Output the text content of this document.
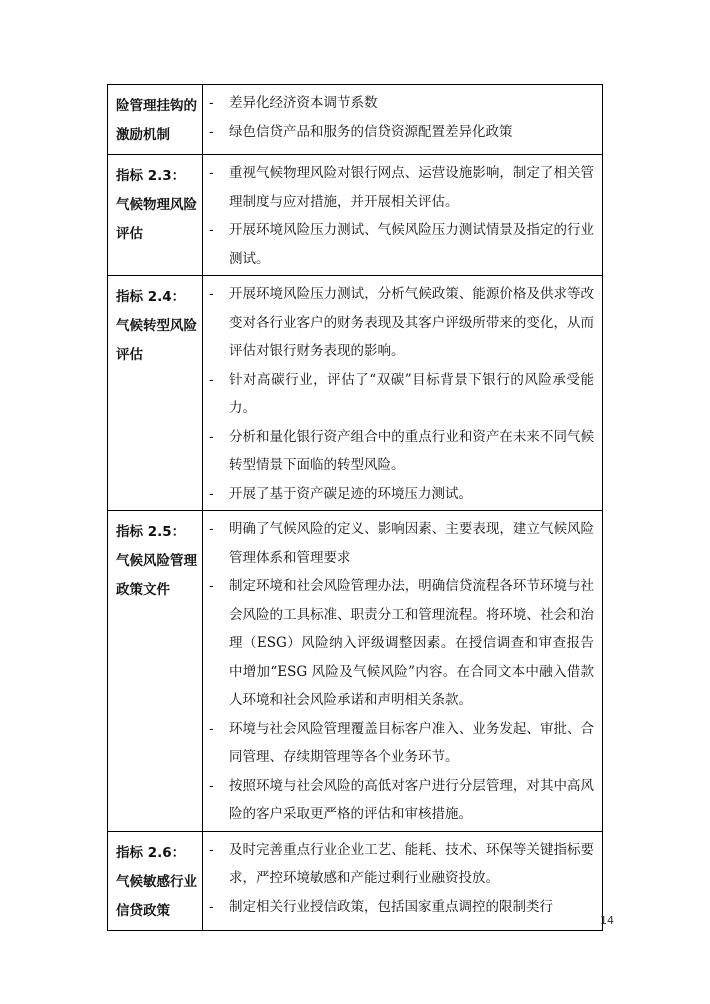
险管理挂钩的激励机制
-	差异化经济资本调节系数
-	绿色信贷产品和服务的信贷资源配置差异化政策
指标 2.3：气候物理风险评估
-	重视气候物理风险对银行网点、运营设施影响，制定了相关管理制度与应对措施，并开展相关评估。
-	开展环境风险压力测试、气候风险压力测试情景及指定的行业测试。
指标 2.4：气候转型风险评估
-	开展环境风险压力测试，分析气候政策、能源价格及供求等改变对各行业客户的财务表现及其客户评级所带来的变化，从而评估对银行财务表现的影响。
-	针对高碳行业，评估了“双碳”目标背景下银行的风险承受能力。
-	分析和量化银行资产组合中的重点行业和资产在未来不同气候转型情景下面临的转型风险。
-	开展了基于资产碳足迹的环境压力测试。
指标 2.5：气候风险管理政策文件
-	明确了气候风险的定义、影响因素、主要表现，建立气候风险管理体系和管理要求
-	制定环境和社会风险管理办法，明确信贷流程各环节环境与社会风险的工具标准、职责分工和管理流程。将环境、社会和治理（ESG）风险纳入评级调整因素。在授信调查和审查报告中增加“ESG 风险及气候风险”内容。在合同文本中融入借款人环境和社会风险承诺和声明相关条款。
-	环境与社会风险管理覆盖目标客户准入、业务发起、审批、合同管理、存续期管理等各个业务环节。
-	按照环境与社会风险的高低对客户进行分层管理，对其中高风险的客户采取更严格的评估和审核措施。
指标 2.6：气候敏感行业信贷政策
-	及时完善重点行业企业工艺、能耗、技术、环保等关键指标要求，严控环境敏感和产能过剩行业融资投放。
-	制定相关行业授信政策，包括国家重点调控的限制类行
14
